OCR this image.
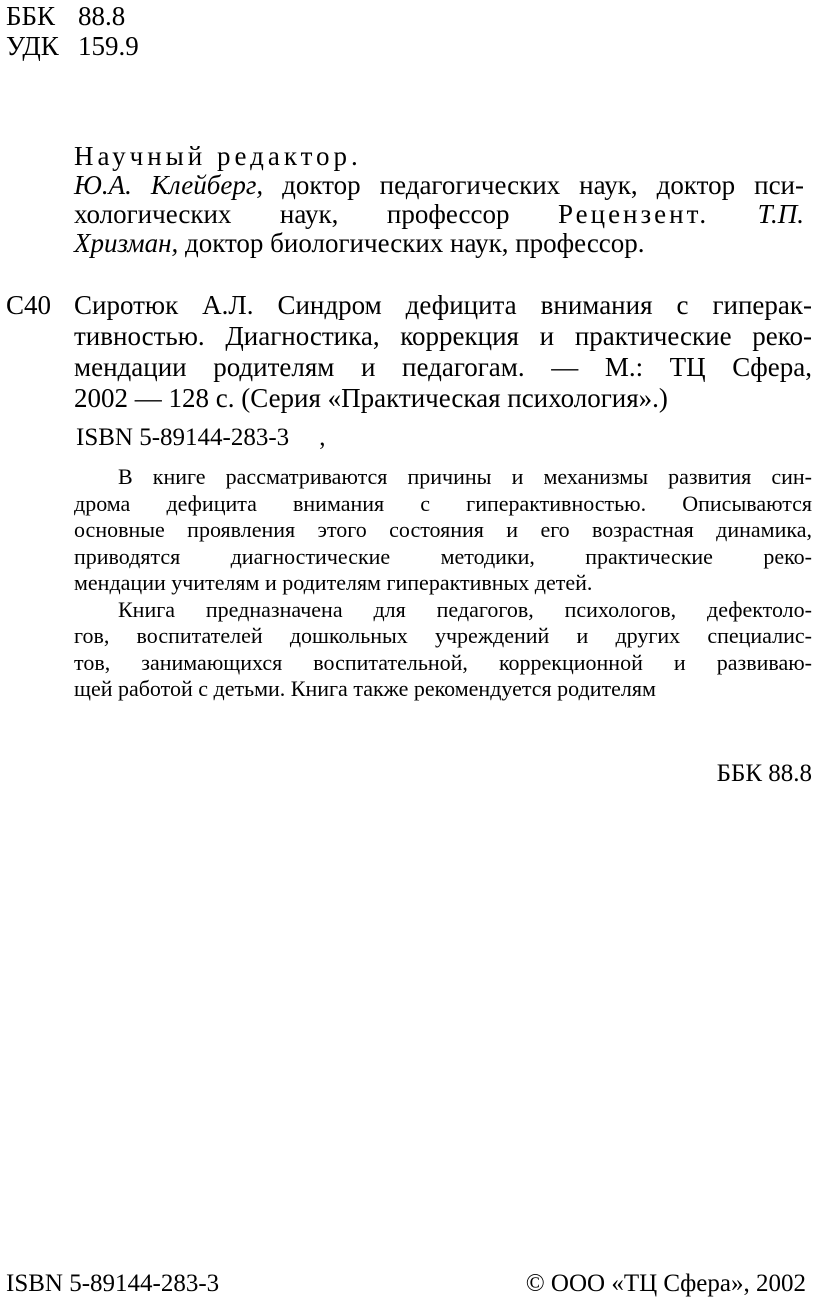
ББК 88.8
УДК 159.9
Научный редактор.
Ю.А. Клейберг, доктор педагогических наук, доктор пси-
хологических наук, профессор Рецензент. Т.П.
Хризман, доктор биологических наук, профессор.
С40 Сиротюк А.Л. Синдром дефицита внимания с гиперак-
тивностью. Диагностика, коррекция и практические реко-
мендации родителям и педагогам. — М.: ТЦ Сфера,
2002 — 128 с. (Серия «Практическая психология».)
ISBN 5-89144-283-3 ,
В книге рассматриваются причины и механизмы развития син-
дрома дефицита внимания с гиперактивностью. Описываются
основные проявления этого состояния и его возрастная динамика,
приводятся диагностические методики, практические реко-
мендации учителям и родителям гиперактивных детей.
Книга предназначена для педагогов, психологов, дефектоло-
гов, воспитателей дошкольных учреждений и других специалис-
тов, занимающихся воспитательной, коррекционной и развиваю-
щей работой с детьми. Книга также рекомендуется родителям
ББК 88.8
ISBN 5-89144-283-3	© ООО «ТЦ Сфера», 2002
